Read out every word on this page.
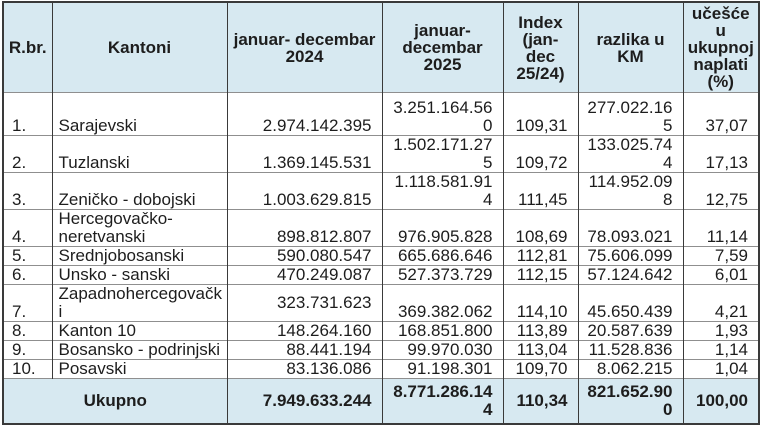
R.br.	Kantoni	januar- decembar 2024	januar-decembar 2025	Index (jan-dec 25/24)	razlika u KM	učešće u ukupnoj naplati (%)
1.	Sarajevski	2.974.142.395	3.251.164.560	109,31	277.022.165	37,07
2.	Tuzlanski	1.369.145.531	1.502.171.275	109,72	133.025.744	17,13
3.	Zeničko - dobojski	1.003.629.815	1.118.581.914	111,45	114.952.098	12,75
4.	Hercegovačko-neretvanski	898.812.807	976.905.828	108,69	78.093.021	11,14
5.	Srednjobosanski	590.080.547	665.686.646	112,81	75.606.099	7,59
6.	Unsko - sanski	470.249.087	527.373.729	112,15	57.124.642	6,01
7.	Zapadnohercegovački	323.731.623	369.382.062	114,10	45.650.439	4,21
8.	Kanton 10	148.264.160	168.851.800	113,89	20.587.639	1,93
9.	Bosansko - podrinjski	88.441.194	99.970.030	113,04	11.528.836	1,14
10.	Posavski	83.136.086	91.198.301	109,70	8.062.215	1,04
Ukupno		7.949.633.244	8.771.286.144	110,34	821.652.900	100,00
